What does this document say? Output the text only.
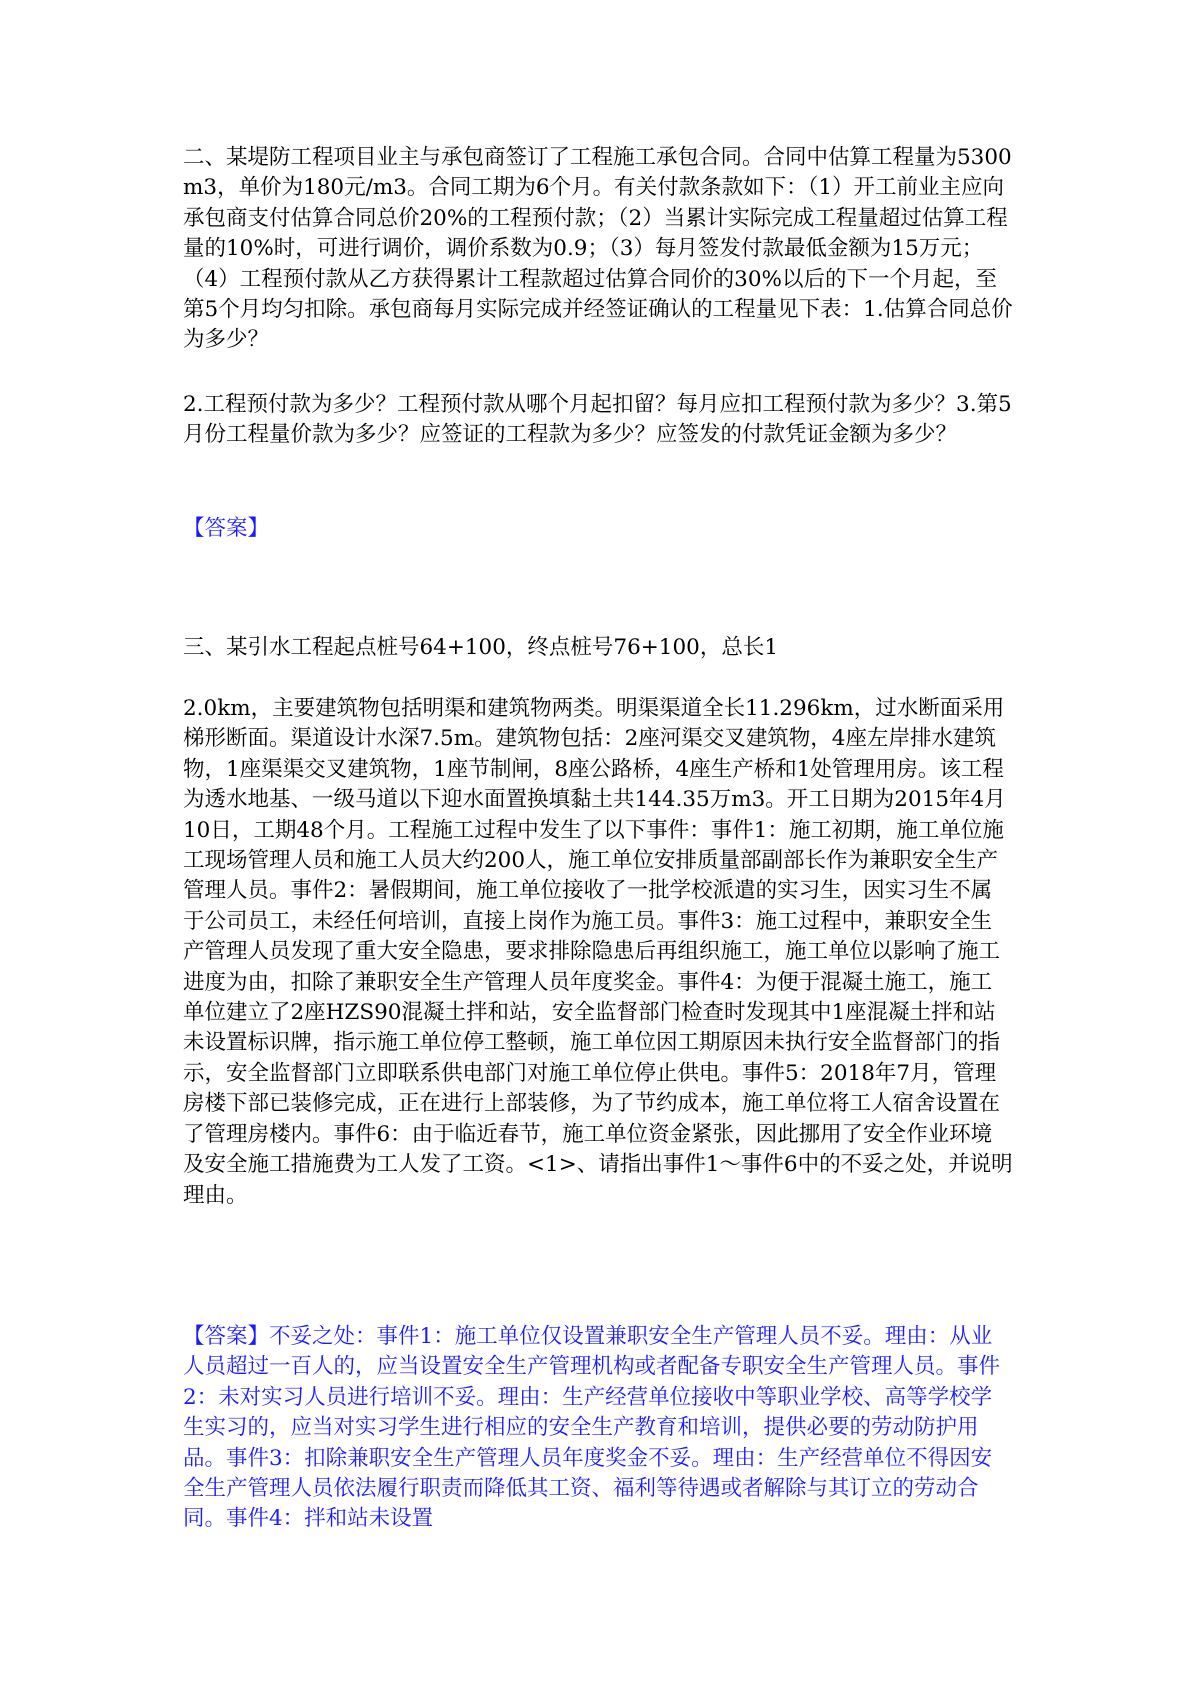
二、某堤防工程项目业主与承包商签订了工程施工承包合同。合同中估算工程量为5300m3，单价为180元/m3。合同工期为6个月。有关付款条款如下：（1）开工前业主应向承包商支付估算合同总价20%的工程预付款；（2）当累计实际完成工程量超过估算工程量的10%时，可进行调价，调价系数为0.9；（3）每月签发付款最低金额为15万元；（4）工程预付款从乙方获得累计工程款超过估算合同价的30%以后的下一个月起，至第5个月均匀扣除。承包商每月实际完成并经签证确认的工程量见下表：1.估算合同总价为多少？

2.工程预付款为多少？工程预付款从哪个月起扣留？每月应扣工程预付款为多少？3.第5月份工程量价款为多少？应签证的工程款为多少？应签发的付款凭证金额为多少？

【答案】

三、某引水工程起点桩号64+100，终点桩号76+100，总长1

2.0km，主要建筑物包括明渠和建筑物两类。明渠渠道全长11.296km，过水断面采用梯形断面。渠道设计水深7.5m。建筑物包括：2座河渠交叉建筑物，4座左岸排水建筑物，1座渠渠交叉建筑物，1座节制闸，8座公路桥，4座生产桥和1处管理用房。该工程为透水地基、一级马道以下迎水面置换填黏土共144.35万m3。开工日期为2015年4月10日，工期48个月。工程施工过程中发生了以下事件：事件1：施工初期，施工单位施工现场管理人员和施工人员大约200人，施工单位安排质量部副部长作为兼职安全生产管理人员。事件2：暑假期间，施工单位接收了一批学校派遣的实习生，因实习生不属于公司员工，未经任何培训，直接上岗作为施工员。事件3：施工过程中，兼职安全生产管理人员发现了重大安全隐患，要求排除隐患后再组织施工，施工单位以影响了施工进度为由，扣除了兼职安全生产管理人员年度奖金。事件4：为便于混凝土施工，施工单位建立了2座HZS90混凝土拌和站，安全监督部门检查时发现其中1座混凝土拌和站未设置标识牌，指示施工单位停工整顿，施工单位因工期原因未执行安全监督部门的指示，安全监督部门立即联系供电部门对施工单位停止供电。事件5：2018年7月，管理房楼下部已装修完成，正在进行上部装修，为了节约成本，施工单位将工人宿舍设置在了管理房楼内。事件6：由于临近春节，施工单位资金紧张，因此挪用了安全作业环境及安全施工措施费为工人发了工资。<1>、请指出事件1～事件6中的不妥之处，并说明理由。

【答案】不妥之处：事件1：施工单位仅设置兼职安全生产管理人员不妥。理由：从业人员超过一百人的，应当设置安全生产管理机构或者配备专职安全生产管理人员。事件2：未对实习人员进行培训不妥。理由：生产经营单位接收中等职业学校、高等学校学生实习的，应当对实习学生进行相应的安全生产教育和培训，提供必要的劳动防护用品。事件3：扣除兼职安全生产管理人员年度奖金不妥。理由：生产经营单位不得因安全生产管理人员依法履行职责而降低其工资、福利等待遇或者解除与其订立的劳动合同。事件4：拌和站未设置
